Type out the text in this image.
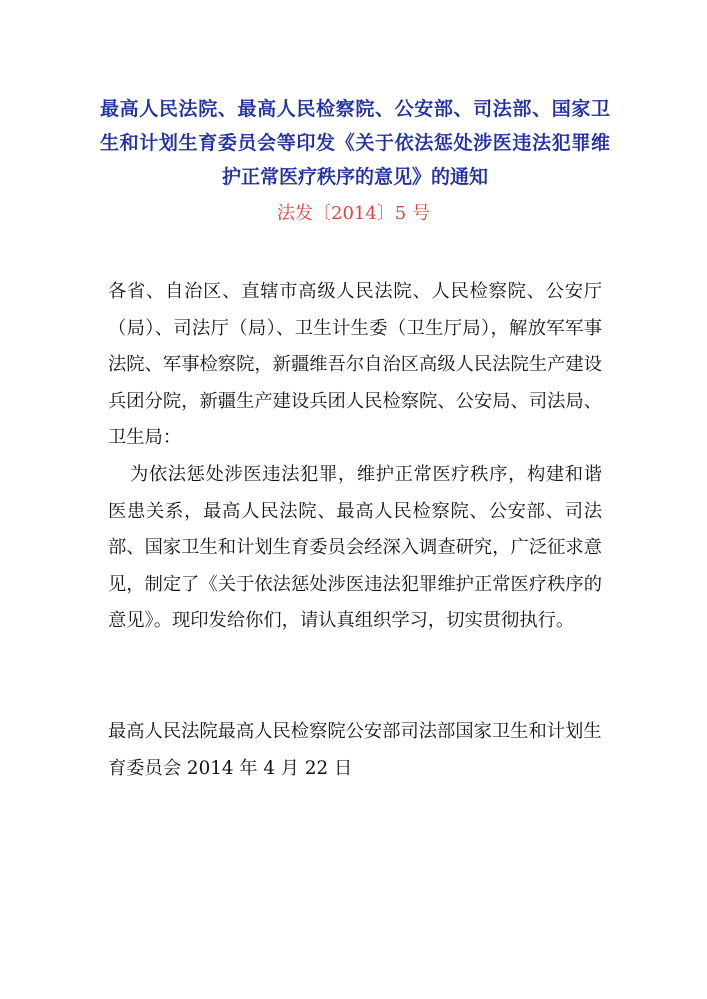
最高人民法院、最高人民检察院、公安部、司法部、国家卫生和计划生育委员会等印发《关于依法惩处涉医违法犯罪维护正常医疗秩序的意见》的通知
法发〔2014〕5 号
各省、自治区、直辖市高级人民法院、人民检察院、公安厅（局）、司法厅（局）、卫生计生委（卫生厅局），解放军军事法院、军事检察院，新疆维吾尔自治区高级人民法院生产建设兵团分院，新疆生产建设兵团人民检察院、公安局、司法局、卫生局：
为依法惩处涉医违法犯罪，维护正常医疗秩序，构建和谐医患关系，最高人民法院、最高人民检察院、公安部、司法部、国家卫生和计划生育委员会经深入调查研究，广泛征求意见，制定了《关于依法惩处涉医违法犯罪维护正常医疗秩序的意见》。现印发给你们，请认真组织学习，切实贯彻执行。
最高人民法院最高人民检察院公安部司法部国家卫生和计划生育委员会 2014 年 4 月 22 日
